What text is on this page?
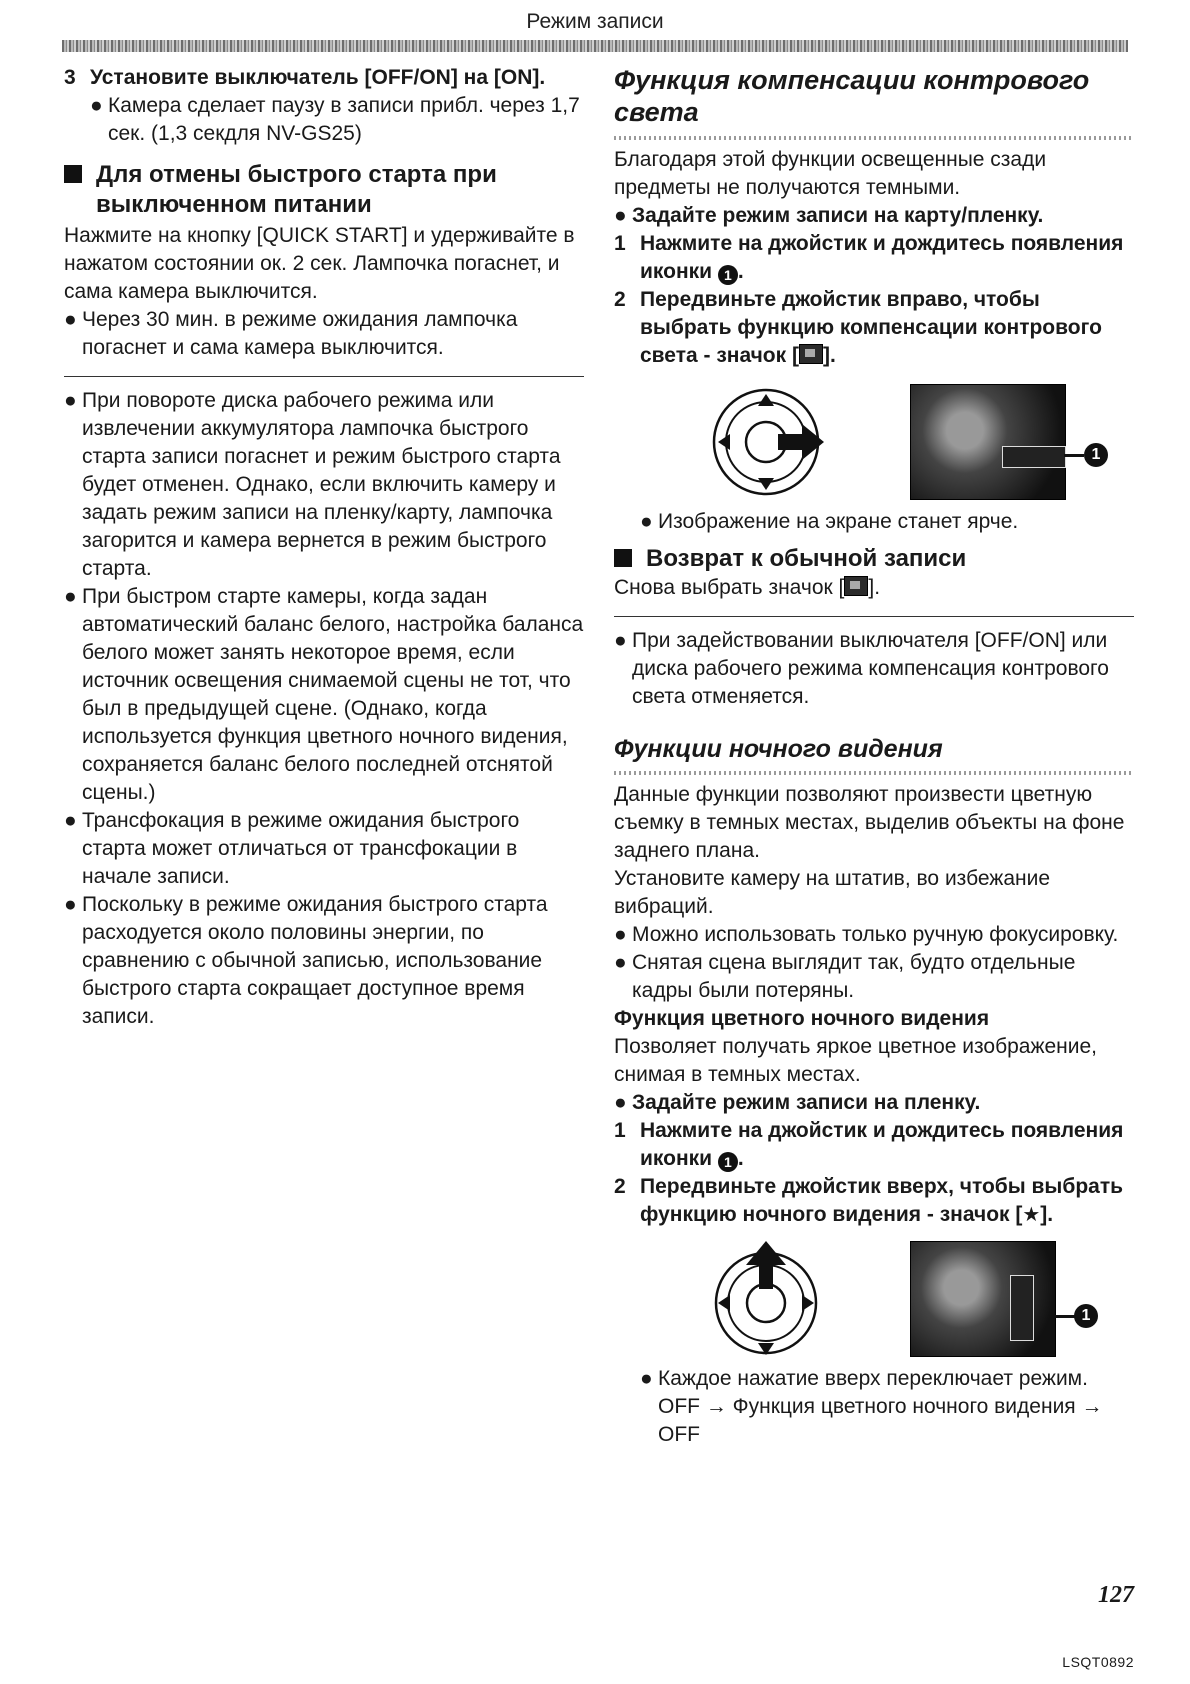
Режим записи

3 Установите выключатель [OFF/ON] на [ON].

● Камера сделает паузу в записи прибл. через 1,7 сек. (1,3 секдля NV-GS25)

Для отмены быстрого старта при выключенном питании

Нажмите на кнопку [QUICK START] и удерживайте в нажатом состоянии ок. 2 сек. Лампочка погаснет, и сама камера выключится.

● Через 30 мин. в режиме ожидания лампочка погаснет и сама камера выключится.

● При повороте диска рабочего режима или извлечении аккумулятора лампочка быстрого старта записи погаснет и режим быстрого старта будет отменен. Однако, если включить камеру и задать режим записи на пленку/карту, лампочка загорится и камера вернется в режим быстрого старта.

● При быстром старте камеры, когда задан автоматический баланс белого, настройка баланса белого может занять некоторое время, если источник освещения снимаемой сцены не тот, что был в предыдущей сцене. (Однако, когда используется функция цветного ночного видения, сохраняется баланс белого последней отснятой сцены.)

● Трансфокация в режиме ожидания быстрого старта может отличаться от трансфокации в начале записи.

● Поскольку в режиме ожидания быстрого старта расходуется около половины энергии, по сравнению с обычной записью, использование быстрого старта сокращает доступное время записи.

Функция компенсации контрового света

Благодаря этой функции освещенные сзади предметы не получаются темными.

● Задайте режим записи на карту/пленку.

1 Нажмите на джойстик и дождитесь появления иконки 1 .

2 Передвиньте джойстик вправо, чтобы выбрать функцию компенсации контрового света - значок [ ].

1

● Изображение на экране станет ярче.

Возврат к обычной записи

Снова выбрать значок [ ].

● При задействовании выключателя [OFF/ON] или диска рабочего режима компенсация контрового света отменяется.

Функции ночного видения

Данные функции позволяют произвести цветную съемку в темных местах, выделив объекты на фоне заднего плана.

Установите камеру на штатив, во избежание вибраций.

● Можно использовать только ручную фокусировку.

● Снятая сцена выглядит так, будто отдельные кадры были потеряны.

Функция цветного ночного видения

Позволяет получать яркое цветное изображение, снимая в темных местах.

● Задайте режим записи на пленку.

1 Нажмите на джойстик и дождитесь появления иконки 1 .

2 Передвиньте джойстик вверх, чтобы выбрать функцию ночного видения - значок [★].

1

● Каждое нажатие вверх переключает режим.

OFF → Функция цветного ночного видения → OFF

127
LSQT0892
